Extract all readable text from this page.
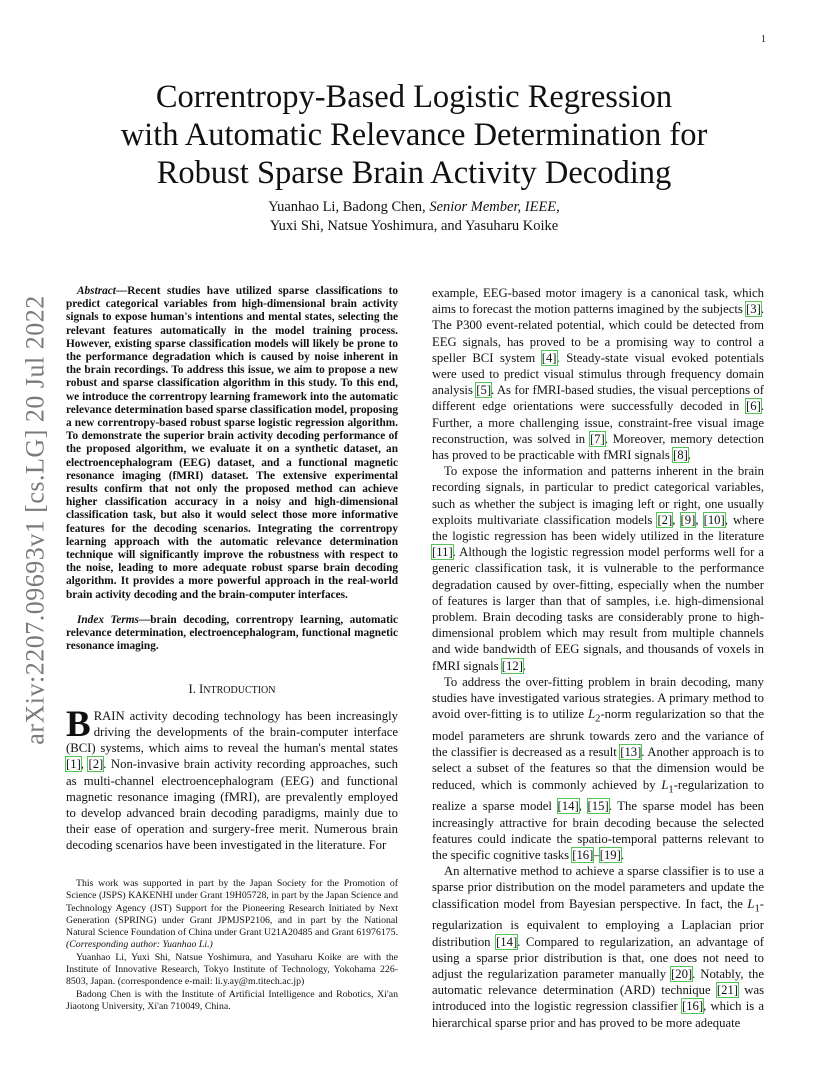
1
arXiv:2207.09693v1 [cs.LG] 20 Jul 2022
Correntropy-Based Logistic Regression
with Automatic Relevance Determination for
Robust Sparse Brain Activity Decoding
Yuanhao Li, Badong Chen, Senior Member, IEEE,
Yuxi Shi, Natsue Yoshimura, and Yasuharu Koike

Abstract—Recent studies have utilized sparse classifications to predict categorical variables from high-dimensional brain activity signals to expose human's intentions and mental states, selecting the relevant features automatically in the model training process. However, existing sparse classification models will likely be prone to the performance degradation which is caused by noise inherent in the brain recordings. To address this issue, we aim to propose a new robust and sparse classification algorithm in this study. To this end, we introduce the correntropy learning framework into the automatic relevance determination based sparse classification model, proposing a new correntropy-based robust sparse logistic regression algorithm. To demonstrate the superior brain activity decoding performance of the proposed algorithm, we evaluate it on a synthetic dataset, an electroencephalogram (EEG) dataset, and a functional magnetic resonance imaging (fMRI) dataset. The extensive experimental results confirm that not only the proposed method can achieve higher classification accuracy in a noisy and high-dimensional classification task, but also it would select those more informative features for the decoding scenarios. Integrating the correntropy learning approach with the automatic relevance determination technique will significantly improve the robustness with respect to the noise, leading to more adequate robust sparse brain decoding algorithm. It provides a more powerful approach in the real-world brain activity decoding and the brain-computer interfaces.

Index Terms—brain decoding, correntropy learning, automatic relevance determination, electroencephalogram, functional magnetic resonance imaging.

I. INTRODUCTION

BRAIN activity decoding technology has been increasingly driving the developments of the brain-computer interface (BCI) systems, which aims to reveal the human's mental states [1], [2]. Non-invasive brain activity recording approaches, such as multi-channel electroencephalogram (EEG) and functional magnetic resonance imaging (fMRI), are prevalently employed to develop advanced brain decoding paradigms, mainly due to their ease of operation and surgery-free merit. Numerous brain decoding scenarios have been investigated in the literature. For

This work was supported in part by the Japan Society for the Promotion of Science (JSPS) KAKENHI under Grant 19H05728, in part by the Japan Science and Technology Agency (JST) Support for the Pioneering Research Initiated by Next Generation (SPRING) under Grant JPMJSP2106, and in part by the National Natural Science Foundation of China under Grant U21A20485 and Grant 61976175. (Corresponding author: Yuanhao Li.)

Yuanhao Li, Yuxi Shi, Natsue Yoshimura, and Yasuharu Koike are with the Institute of Innovative Research, Tokyo Institute of Technology, Yokohama 226-8503, Japan. (correspondence e-mail: li.y.ay@m.titech.ac.jp)

Badong Chen is with the Institute of Artificial Intelligence and Robotics, Xi'an Jiaotong University, Xi'an 710049, China.

example, EEG-based motor imagery is a canonical task, which aims to forecast the motion patterns imagined by the subjects [3]. The P300 event-related potential, which could be detected from EEG signals, has proved to be a promising way to control a speller BCI system [4]. Steady-state visual evoked potentials were used to predict visual stimulus through frequency domain analysis [5]. As for fMRI-based studies, the visual perceptions of different edge orientations were successfully decoded in [6]. Further, a more challenging issue, constraint-free visual image reconstruction, was solved in [7]. Moreover, memory detection has proved to be practicable with fMRI signals [8].

To expose the information and patterns inherent in the brain recording signals, in particular to predict categorical variables, such as whether the subject is imaging left or right, one usually exploits multivariate classification models [2], [9], [10], where the logistic regression has been widely utilized in the literature [11]. Although the logistic regression model performs well for a generic classification task, it is vulnerable to the performance degradation caused by over-fitting, especially when the number of features is larger than that of samples, i.e. high-dimensional problem. Brain decoding tasks are considerably prone to high-dimensional problem which may result from multiple channels and wide bandwidth of EEG signals, and thousands of voxels in fMRI signals [12].

To address the over-fitting problem in brain decoding, many studies have investigated various strategies. A primary method to avoid over-fitting is to utilize $L_2$-norm regularization so that the model parameters are shrunk towards zero and the variance of the classifier is decreased as a result [13]. Another approach is to select a subset of the features so that the dimension would be reduced, which is commonly achieved by $L_1$-regularization to realize a sparse model [14], [15]. The sparse model has been increasingly attractive for brain decoding because the selected features could indicate the spatio-temporal patterns relevant to the specific cognitive tasks [16]–[19].

An alternative method to achieve a sparse classifier is to use a sparse prior distribution on the model parameters and update the classification model from Bayesian perspective. In fact, the $L_1$-regularization is equivalent to employing a Laplacian prior distribution [14]. Compared to regularization, an advantage of using a sparse prior distribution is that, one does not need to adjust the regularization parameter manually [20]. Notably, the automatic relevance determination (ARD) technique [21] was introduced into the logistic regression classifier [16], which is a hierarchical sparse prior and has proved to be more adequate
